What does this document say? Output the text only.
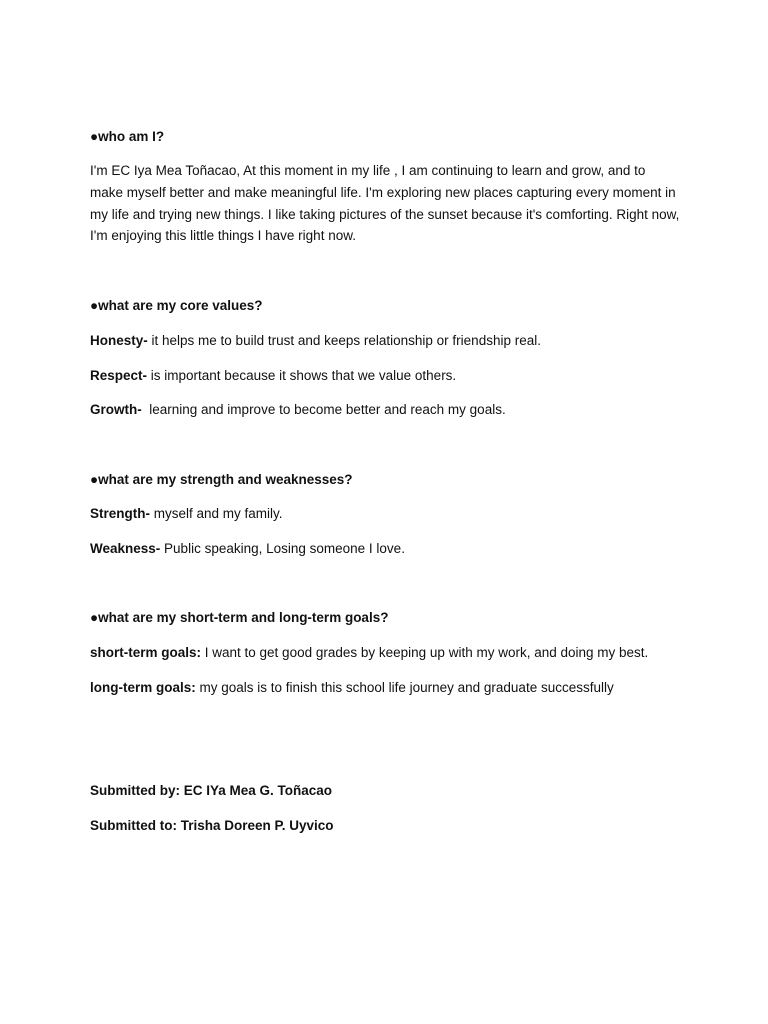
●who am I?
I'm EC Iya Mea Toñacao, At this moment in my life , I am continuing to learn and grow, and to make myself better and make meaningful life. I'm exploring new places capturing every moment in my life and trying new things. I like taking pictures of the sunset because it's comforting. Right now, I'm enjoying this little things I have right now.
●what are my core values?
Honesty- it helps me to build trust and keeps relationship or friendship real.
Respect- is important because it shows that we value others.
Growth-  learning and improve to become better and reach my goals.
●what are my strength and weaknesses?
Strength- myself and my family.
Weakness- Public speaking, Losing someone I love.
●what are my short-term and long-term goals?
short-term goals: I want to get good grades by keeping up with my work, and doing my best.
long-term goals: my goals is to finish this school life journey and graduate successfully
Submitted by: EC IYa Mea G. Toñacao
Submitted to: Trisha Doreen P. Uyvico
